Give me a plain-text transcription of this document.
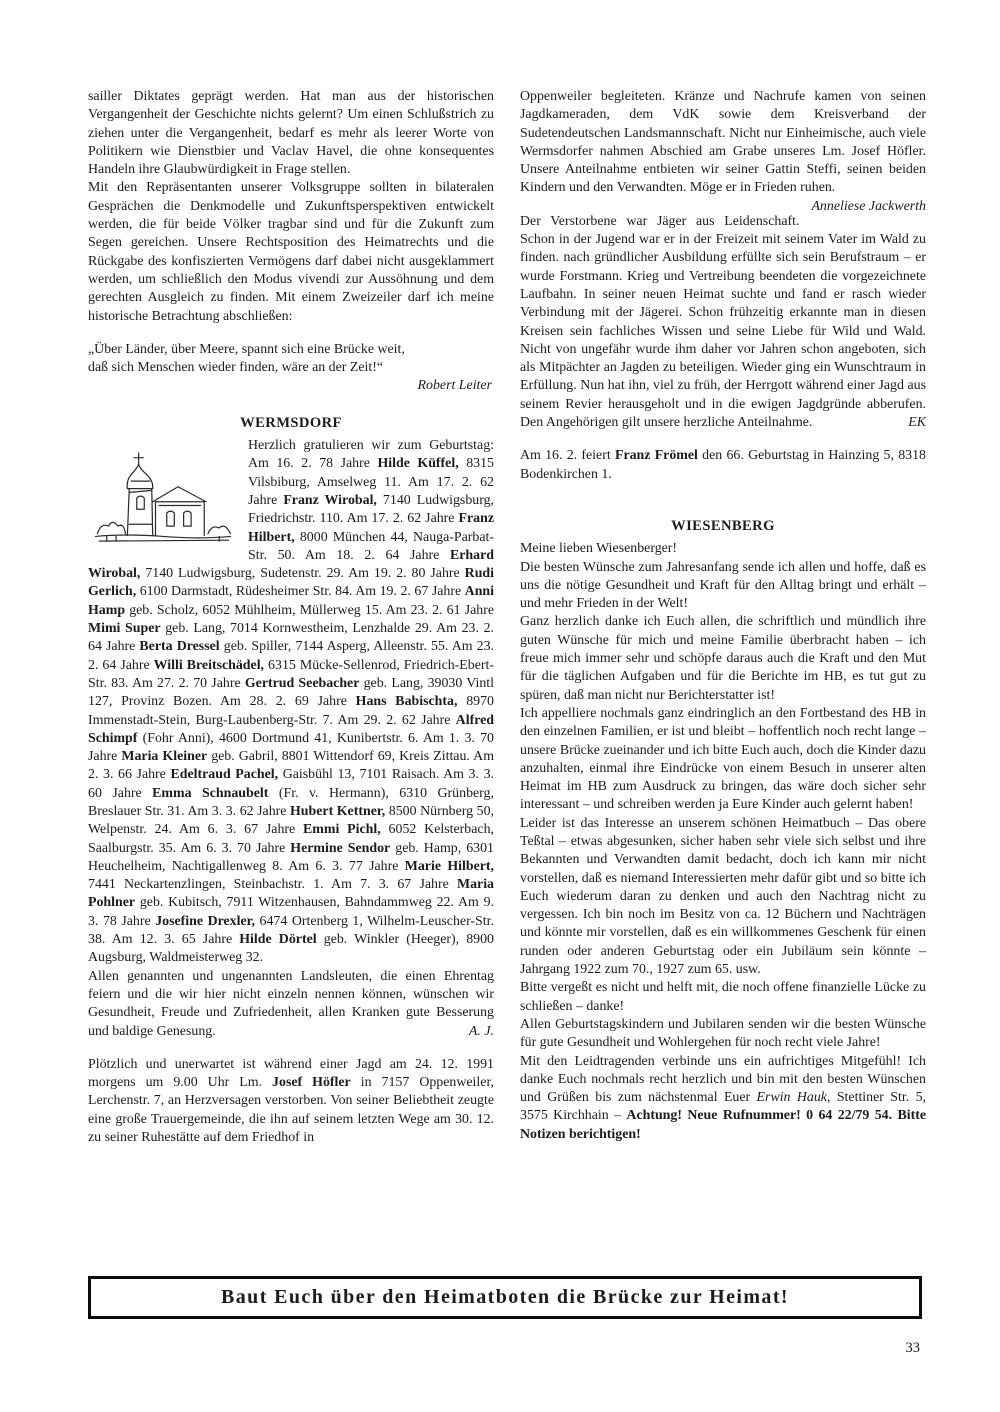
sailler Diktates geprägt werden. Hat man aus der historischen Vergangenheit der Geschichte nichts gelernt? Um einen Schlußstrich zu ziehen unter die Vergangenheit, bedarf es mehr als leerer Worte von Politikern wie Dienstbier und Vaclav Havel, die ohne konsequentes Handeln ihre Glaubwürdigkeit in Frage stellen.

Mit den Repräsentanten unserer Volksgruppe sollten in bilateralen Gesprächen die Denkmodelle und Zukunftsperspektiven entwickelt werden, die für beide Völker tragbar sind und für die Zukunft zum Segen gereichen. Unsere Rechtsposition des Heimatrechts und die Rückgabe des konfiszierten Vermögens darf dabei nicht ausgeklammert werden, um schließlich den Modus vivendi zur Aussöhnung und dem gerechten Ausgleich zu finden. Mit einem Zweizeiler darf ich meine historische Betrachtung abschließen:

„Über Länder, über Meere, spannt sich eine Brücke weit,
daß sich Menschen wieder finden, wäre an der Zeit!“
Robert Leiter
WERMSDORF

Herzlich gratulieren wir zum Geburtstag: Am 16. 2. 78 Jahre Hilde Küffel, 8315 Vilsbiburg, Amselweg 11. Am 17. 2. 62 Jahre Franz Wirobal, 7140 Ludwigsburg, Friedrichstr. 110. Am 17. 2. 62 Jahre Franz Hilbert, 8000 München 44, Nauga-Parbat-Str. 50. Am 18. 2. 64 Jahre Erhard Wirobal, 7140 Ludwigsburg, Sudetenstr. 29. Am 19. 2. 80 Jahre Rudi Gerlich, 6100 Darmstadt, Rüdesheimer Str. 84. Am 19. 2. 67 Jahre Anni Hamp geb. Scholz, 6052 Mühlheim, Müllerweg 15. Am 23. 2. 61 Jahre Mimi Super geb. Lang, 7014 Kornwestheim, Lenzhalde 29. Am 23. 2. 64 Jahre Berta Dressel geb. Spiller, 7144 Asperg, Alleenstr. 55. Am 23. 2. 64 Jahre Willi Breitschädel, 6315 Mücke-Sellenrod, Friedrich-Ebert-Str. 83. Am 27. 2. 70 Jahre Gertrud Seebacher geb. Lang, 39030 Vintl 127, Provinz Bozen. Am 28. 2. 69 Jahre Hans Babischta, 8970 Immenstadt-Stein, Burg-Laubenberg-Str. 7. Am 29. 2. 62 Jahre Alfred Schimpf (Fohr Anni), 4600 Dortmund 41, Kunibertstr. 6. Am 1. 3. 70 Jahre Maria Kleiner geb. Gabril, 8801 Wittendorf 69, Kreis Zittau. Am 2. 3. 66 Jahre Edeltraud Pachel, Gaisbühl 13, 7101 Raisach. Am 3. 3. 60 Jahre Emma Schnaubelt (Fr. v. Hermann), 6310 Grünberg, Breslauer Str. 31. Am 3. 3. 62 Jahre Hubert Kettner, 8500 Nürnberg 50, Welpenstr. 24. Am 6. 3. 67 Jahre Emmi Pichl, 6052 Kelsterbach, Saalburgstr. 35. Am 6. 3. 70 Jahre Hermine Sendor geb. Hamp, 6301 Heuchelheim, Nachtigallenweg 8. Am 6. 3. 77 Jahre Marie Hilbert, 7441 Neckartenzlingen, Steinbachstr. 1. Am 7. 3. 67 Jahre Maria Pohlner geb. Kubitsch, 7911 Witzenhausen, Bahndammweg 22. Am 9. 3. 78 Jahre Josefine Drexler, 6474 Ortenberg 1, Wilhelm-Leuscher-Str. 38. Am 12. 3. 65 Jahre Hilde Dörtel geb. Winkler (Heeger), 8900 Augsburg, Waldmeisterweg 32.

Allen genannten und ungenannten Landsleuten, die einen Ehrentag feiern und die wir hier nicht einzeln nennen können, wünschen wir Gesundheit, Freude und Zufriedenheit, allen Kranken gute Besserung und baldige Genesung.	A. J.

Plötzlich und unerwartet ist während einer Jagd am 24. 12. 1991 morgens um 9.00 Uhr Lm. Josef Höfler in 7157 Oppenweiler, Lerchenstr. 7, an Herzversagen verstorben. Von seiner Beliebtheit zeugte eine große Trauergemeinde, die ihn auf seinem letzten Wege am 30. 12. zu seiner Ruhestätte auf dem Friedhof in

Oppenweiler begleiteten. Kränze und Nachrufe kamen von seinen Jagdkameraden, dem VdK sowie dem Kreisverband der Sudetendeutschen Landsmannschaft. Nicht nur Einheimische, auch viele Wermsdorfer nahmen Abschied am Grabe unseres Lm. Josef Höfler. Unsere Anteilnahme entbieten wir seiner Gattin Steffi, seinen beiden Kindern und den Verwandten. Möge er in Frieden ruhen.
Anneliese Jackwerth

Der Verstorbene war Jäger aus Leidenschaft. Schon in der Jugend war er in der Freizeit mit seinem Vater im Wald zu finden. nach gründlicher Ausbildung erfüllte sich sein Berufstraum – er wurde Forstmann. Krieg und Vertreibung beendeten die vorgezeichnete Laufbahn. In seiner neuen Heimat suchte und fand er rasch wieder Verbindung mit der Jägerei. Schon frühzeitig erkannte man in diesen Kreisen sein fachliches Wissen und seine Liebe für Wild und Wald. Nicht von ungefähr wurde ihm daher vor Jahren schon angeboten, sich als Mitpächter an Jagden zu beteiligen. Wieder ging ein Wunschtraum in Erfüllung. Nun hat ihn, viel zu früh, der Herrgott während einer Jagd aus seinem Revier herausgeholt und in die ewigen Jagdgründe abberufen. Den Angehörigen gilt unsere herzliche Anteilnahme.	EK

Am 16. 2. feiert Franz Frömel den 66. Geburtstag in Hainzing 5, 8318 Bodenkirchen 1.

WIESENBERG

Meine lieben Wiesenberger!

Die besten Wünsche zum Jahresanfang sende ich allen und hoffe, daß es uns die nötige Gesundheit und Kraft für den Alltag bringt und erhält – und mehr Frieden in der Welt!

Ganz herzlich danke ich Euch allen, die schriftlich und mündlich ihre guten Wünsche für mich und meine Familie überbracht haben – ich freue mich immer sehr und schöpfe daraus auch die Kraft und den Mut für die täglichen Aufgaben und für die Berichte im HB, es tut gut zu spüren, daß man nicht nur Berichterstatter ist!

Ich appelliere nochmals ganz eindringlich an den Fortbestand des HB in den einzelnen Familien, er ist und bleibt – hoffentlich noch recht lange – unsere Brücke zueinander und ich bitte Euch auch, doch die Kinder dazu anzuhalten, einmal ihre Eindrücke von einem Besuch in unserer alten Heimat im HB zum Ausdruck zu bringen, das wäre doch sicher sehr interessant – und schreiben werden ja Eure Kinder auch gelernt haben!

Leider ist das Interesse an unserem schönen Heimatbuch – Das obere Teßtal – etwas abgesunken, sicher haben sehr viele sich selbst und ihre Bekannten und Verwandten damit bedacht, doch ich kann mir nicht vorstellen, daß es niemand Interessierten mehr dafür gibt und so bitte ich Euch wiederum daran zu denken und auch den Nachtrag nicht zu vergessen. Ich bin noch im Besitz von ca. 12 Büchern und Nachträgen und könnte mir vorstellen, daß es ein willkommenes Geschenk für einen runden oder anderen Geburtstag oder ein Jubiläum sein könnte – Jahrgang 1922 zum 70., 1927 zum 65. usw.

Bitte vergeßt es nicht und helft mit, die noch offene finanzielle Lücke zu schließen – danke!

Allen Geburtstagskindern und Jubilaren senden wir die besten Wünsche für gute Gesundheit und Wohlergehen für noch recht viele Jahre!

Mit den Leidtragenden verbinde uns ein aufrichtiges Mitgefühl! Ich danke Euch nochmals recht herzlich und bin mit den besten Wünschen und Grüßen bis zum nächstenmal Euer Erwin Hauk, Stettiner Str. 5, 3575 Kirchhain – Achtung! Neue Rufnummer! 0 64 22/79 54. Bitte Notizen berichtigen!

Baut Euch über den Heimatboten die Brücke zur Heimat!
33
